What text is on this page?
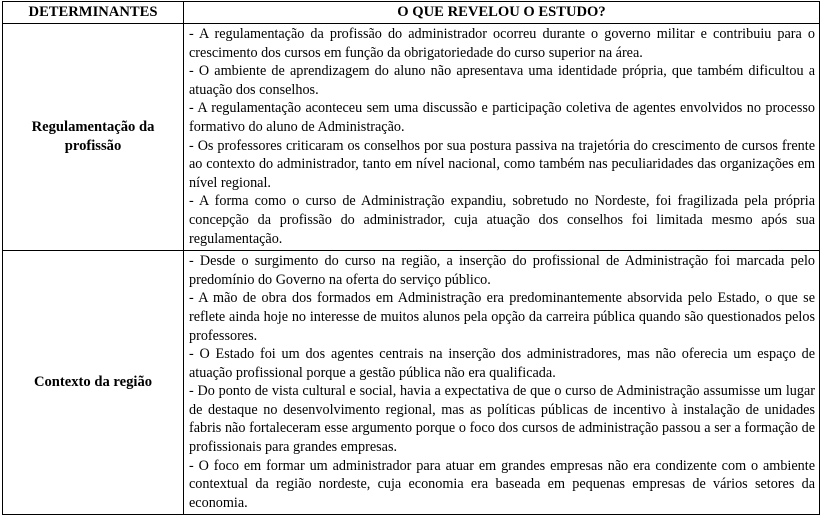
DETERMINANTES	O QUE REVELOU O ESTUDO?
Regulamentação da profissão	- A regulamentação da profissão do administrador ocorreu durante o governo militar e contribuiu para o crescimento dos cursos em função da obrigatoriedade do curso superior na área.

- O ambiente de aprendizagem do aluno não apresentava uma identidade própria, que também dificultou a atuação dos conselhos.

- A regulamentação aconteceu sem uma discussão e participação coletiva de agentes envolvidos no processo formativo do aluno de Administração.

- Os professores criticaram os conselhos por sua postura passiva na trajetória do crescimento de cursos frente ao contexto do administrador, tanto em nível nacional, como também nas peculiaridades das organizações em nível regional.

- A forma como o curso de Administração expandiu, sobretudo no Nordeste, foi fragilizada pela própria concepção da profissão do administrador, cuja atuação dos conselhos foi limitada mesmo após sua regulamentação.

Contexto da região	- Desde o surgimento do curso na região, a inserção do profissional de Administração foi marcada pelo predomínio do Governo na oferta do serviço público.

- A mão de obra dos formados em Administração era predominantemente absorvida pelo Estado, o que se reflete ainda hoje no interesse de muitos alunos pela opção da carreira pública quando são questionados pelos professores.

- O Estado foi um dos agentes centrais na inserção dos administradores, mas não oferecia um espaço de atuação profissional porque a gestão pública não era qualificada.

- Do ponto de vista cultural e social, havia a expectativa de que o curso de Administração assumisse um lugar de destaque no desenvolvimento regional, mas as políticas públicas de incentivo à instalação de unidades fabris não fortaleceram esse argumento porque o foco dos cursos de administração passou a ser a formação de profissionais para grandes empresas.

- O foco em formar um administrador para atuar em grandes empresas não era condizente com o ambiente contextual da região nordeste, cuja economia era baseada em pequenas empresas de vários setores da economia.
